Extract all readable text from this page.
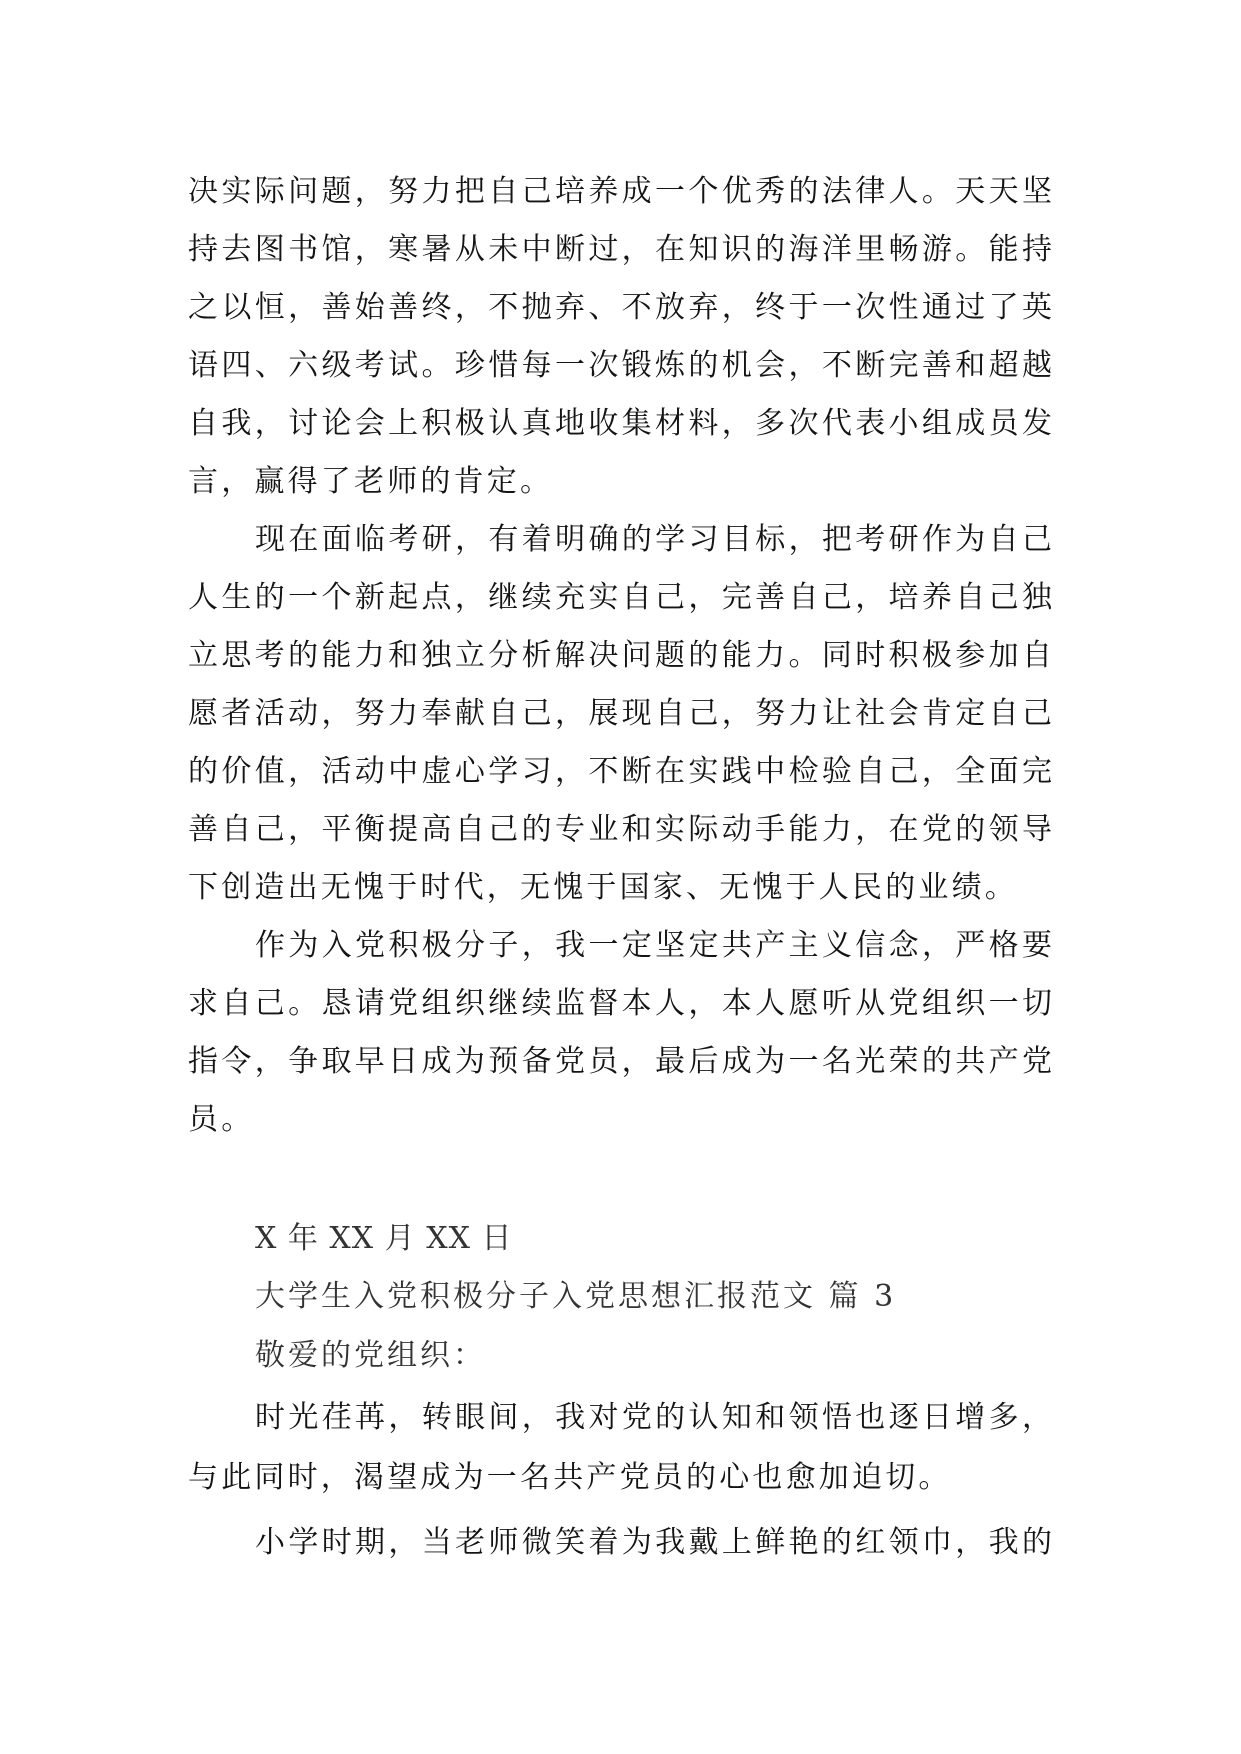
决实际问题，努力把自己培养成一个优秀的法律人。天天坚
持去图书馆，寒暑从未中断过，在知识的海洋里畅游。能持
之以恒，善始善终，不抛弃、不放弃，终于一次性通过了英
语四、六级考试。珍惜每一次锻炼的机会，不断完善和超越
自我，讨论会上积极认真地收集材料，多次代表小组成员发
言，赢得了老师的肯定。
现在面临考研，有着明确的学习目标，把考研作为自己
人生的一个新起点，继续充实自己，完善自己，培养自己独
立思考的能力和独立分析解决问题的能力。同时积极参加自
愿者活动，努力奉献自己，展现自己，努力让社会肯定自己
的价值，活动中虚心学习，不断在实践中检验自己，全面完
善自己，平衡提高自己的专业和实际动手能力，在党的领导
下创造出无愧于时代，无愧于国家、无愧于人民的业绩。
作为入党积极分子，我一定坚定共产主义信念，严格要
求自己。恳请党组织继续监督本人，本人愿听从党组织一切
指令，争取早日成为预备党员，最后成为一名光荣的共产党
员。
X 年 XX 月 XX 日
大学生入党积极分子入党思想汇报范文 篇 3
敬爱的党组织：
时光荏苒，转眼间，我对党的认知和领悟也逐日增多，
与此同时，渴望成为一名共产党员的心也愈加迫切。
小学时期，当老师微笑着为我戴上鲜艳的红领巾，我的
